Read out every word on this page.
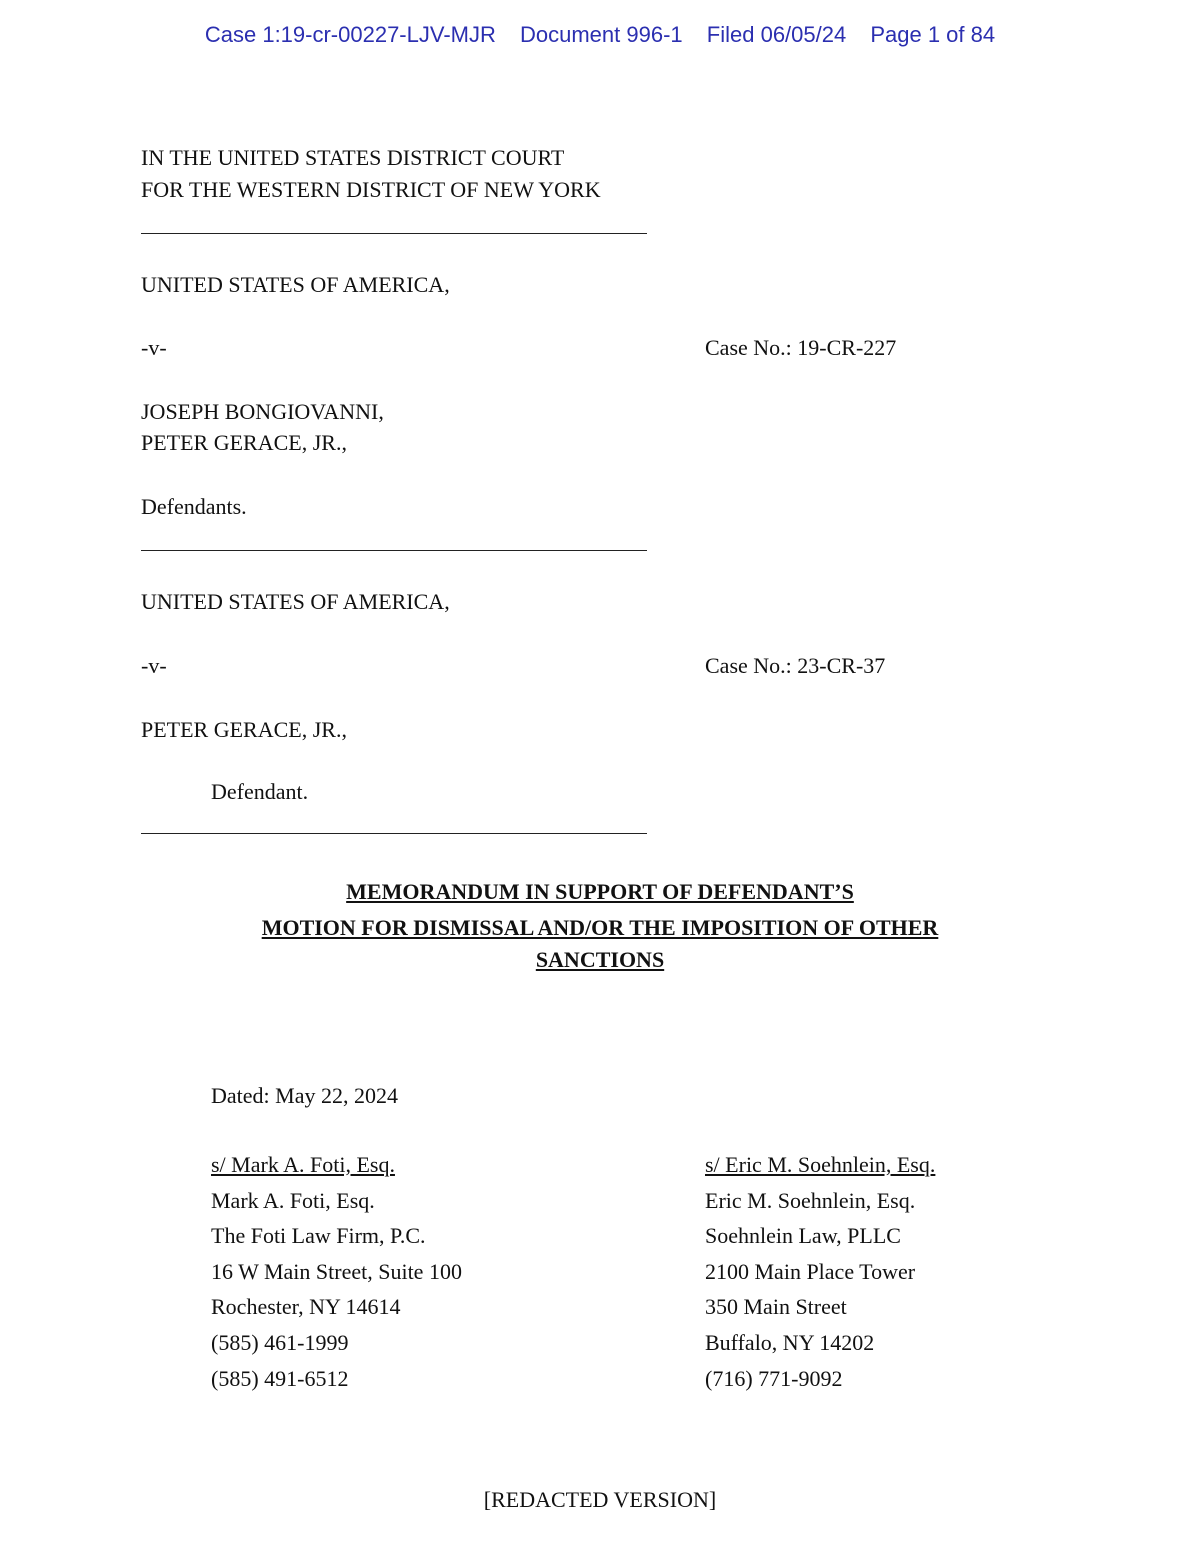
Case 1:19-cr-00227-LJV-MJR Document 996-1 Filed 06/05/24 Page 1 of 84
IN THE UNITED STATES DISTRICT COURT
FOR THE WESTERN DISTRICT OF NEW YORK
UNITED STATES OF AMERICA,
-v-	Case No.: 19-CR-227
JOSEPH BONGIOVANNI,
PETER GERACE, JR.,
Defendants.
UNITED STATES OF AMERICA,
-v-	Case No.: 23-CR-37
PETER GERACE, JR.,
Defendant.
MEMORANDUM IN SUPPORT OF DEFENDANT’S
MOTION FOR DISMISSAL AND/OR THE IMPOSITION OF OTHER
SANCTIONS
Dated: May 22, 2024
s/ Mark A. Foti, Esq.
Mark A. Foti, Esq.
The Foti Law Firm, P.C.
16 W Main Street, Suite 100
Rochester, NY 14614
(585) 461-1999
(585) 491-6512
s/ Eric M. Soehnlein, Esq.
Eric M. Soehnlein, Esq.
Soehnlein Law, PLLC
2100 Main Place Tower
350 Main Street
Buffalo, NY 14202
(716) 771-9092
[REDACTED VERSION]
